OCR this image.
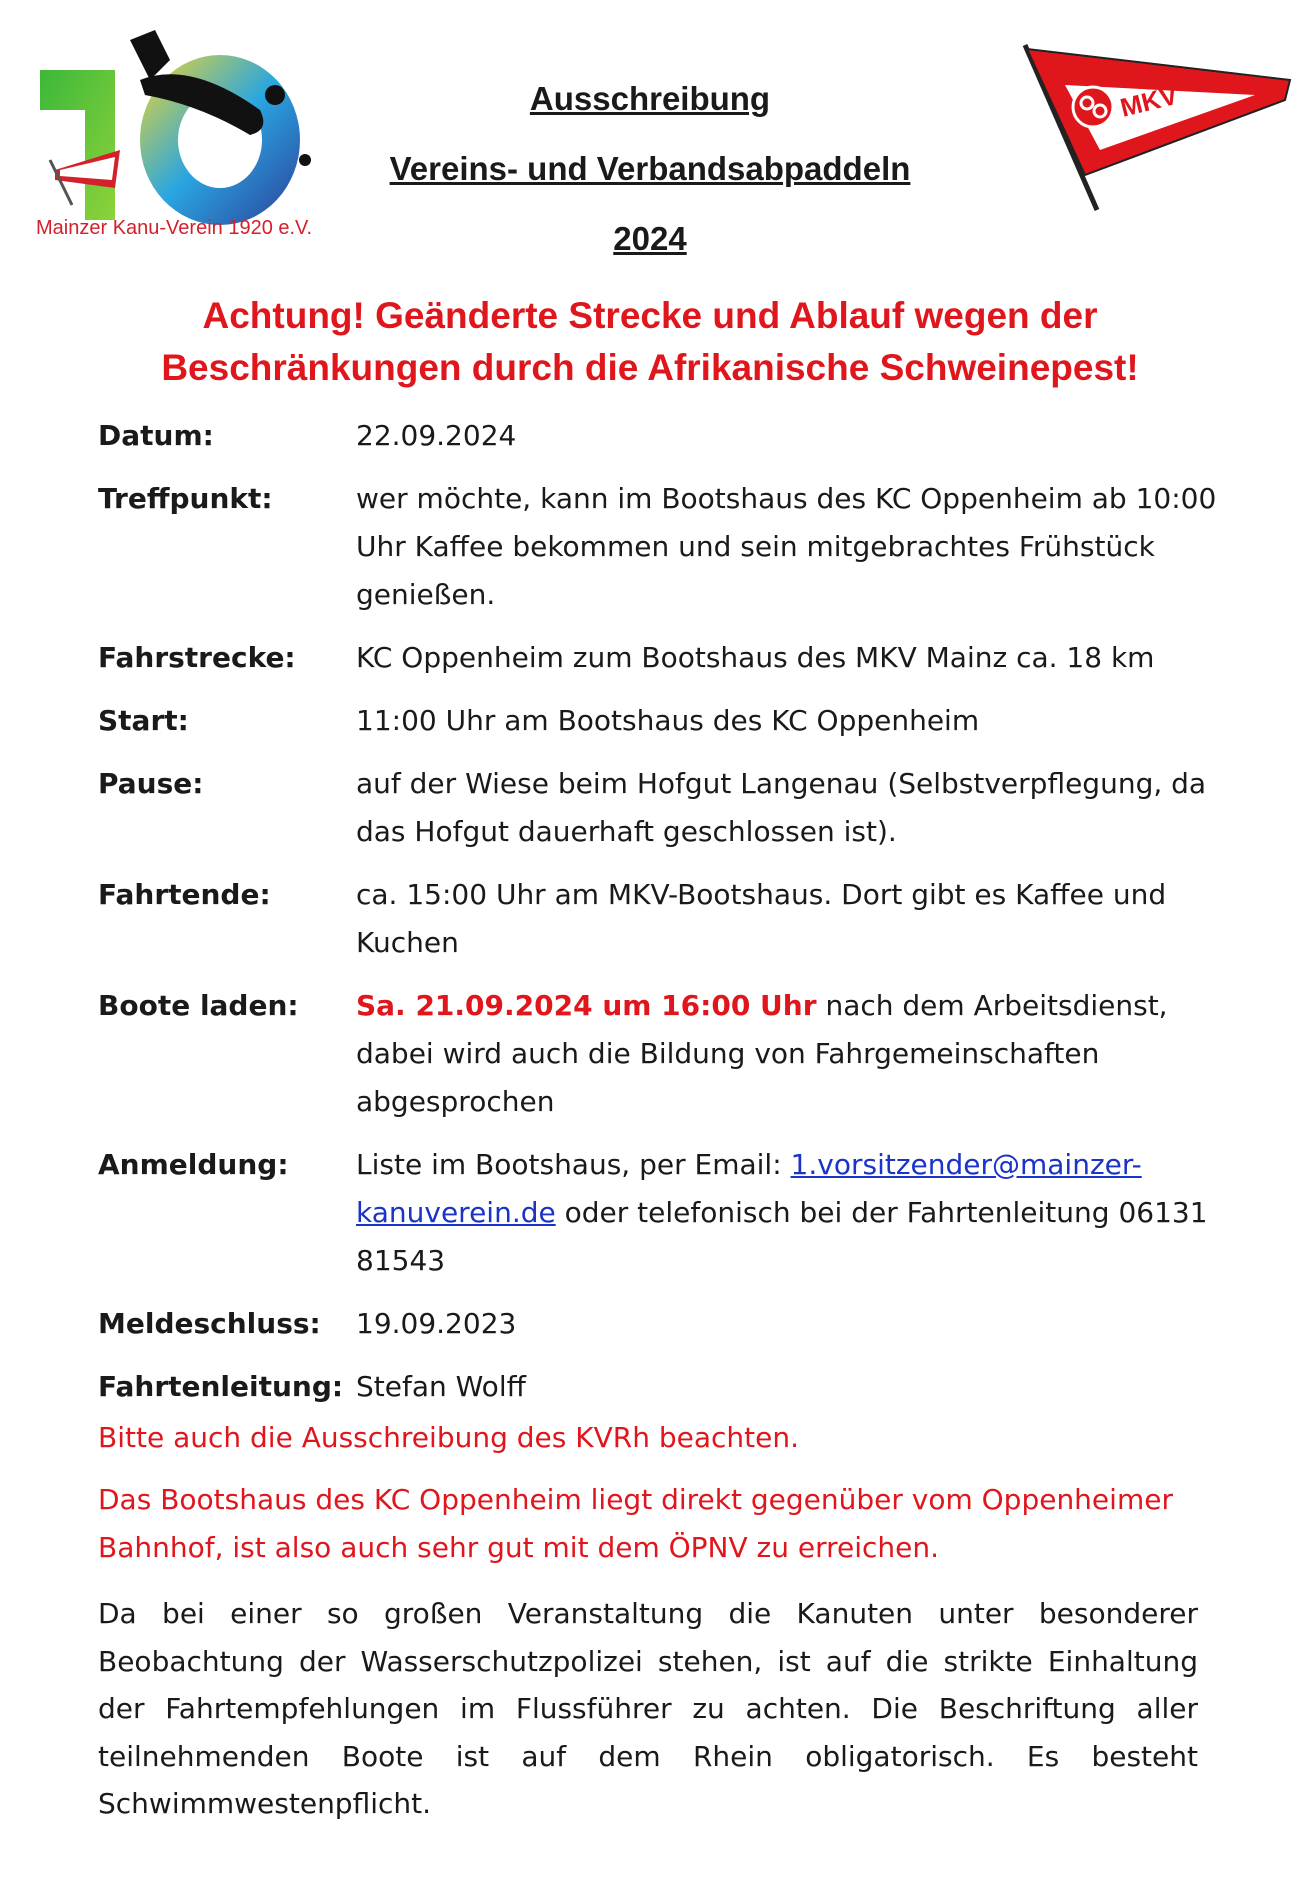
Mainzer Kanu-Verein 1920 e.V.
MKV
Ausschreibung
Vereins- und Verbandsabpaddeln
2024
Achtung! Geänderte Strecke und Ablauf wegen der
Beschränkungen durch die Afrikanische Schweinepest!
Datum:	22.09.2024
Treffpunkt:	wer möchte, kann im Bootshaus des KC Oppenheim ab 10:00 Uhr Kaffee bekommen und sein mitgebrachtes Frühstück genießen.
Fahrstrecke:	KC Oppenheim zum Bootshaus des MKV Mainz ca. 18 km
Start:	11:00 Uhr am Bootshaus des KC Oppenheim
Pause:	auf der Wiese beim Hofgut Langenau (Selbstverpflegung, da das Hofgut dauerhaft geschlossen ist).
Fahrtende:	ca. 15:00 Uhr am MKV-Bootshaus. Dort gibt es Kaffee und Kuchen
Boote laden:	Sa. 21.09.2024 um 16:00 Uhr nach dem Arbeitsdienst, dabei wird auch die Bildung von Fahrgemeinschaften abgesprochen
Anmeldung:	Liste im Bootshaus, per Email: 1.vorsitzender@mainzer-kanuverein.de oder telefonisch bei der Fahrtenleitung 06131 81543
Meldeschluss:	19.09.2023
Fahrtenleitung: Stefan Wolff
Bitte auch die Ausschreibung des KVRh beachten.
Das Bootshaus des KC Oppenheim liegt direkt gegenüber vom Oppenheimer Bahnhof, ist also auch sehr gut mit dem ÖPNV zu erreichen.
Da bei einer so großen Veranstaltung die Kanuten unter besonderer Beobachtung der Wasserschutzpolizei stehen, ist auf die strikte Einhaltung der Fahrtempfehlungen im Flussführer zu achten. Die Beschriftung aller teilnehmenden Boote ist auf dem Rhein obligatorisch. Es besteht Schwimmwestenpflicht.
